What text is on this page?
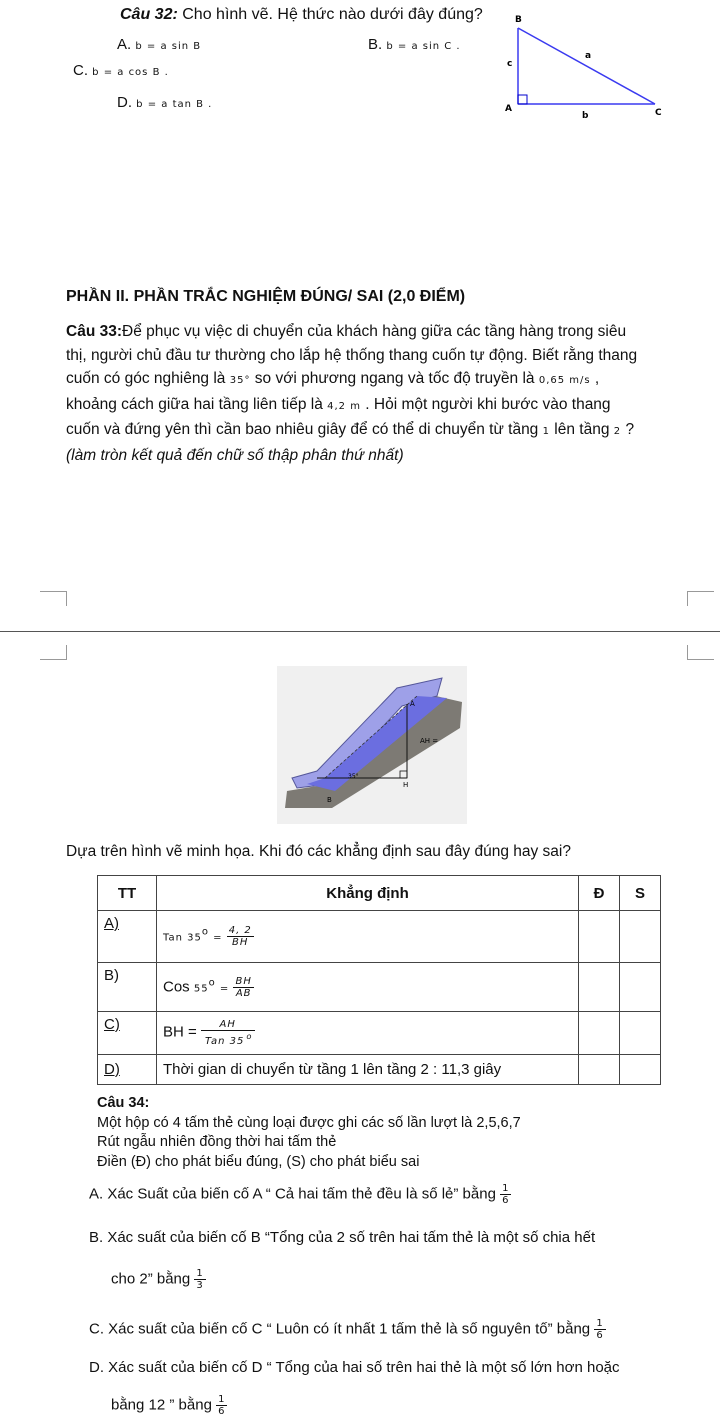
Câu 32: Cho hình vẽ. Hệ thức nào dưới đây đúng?
A. b = a sin B	B. b = a sin C .
C. b = a cos B .
D. b = a tan B .
B
A	C
a
b
c
PHẦN II. PHẦN TRẮC NGHIỆM ĐÚNG/ SAI (2,0 ĐIỂM)
Câu 33:Để phục vụ việc di chuyển của khách hàng giữa các tầng hàng trong siêu
thị, người chủ đầu tư thường cho lắp hệ thống thang cuốn tự động. Biết rằng thang
cuốn có góc nghiêng là 35° so với phương ngang và tốc độ truyền là 0,65 m/s ,
khoảng cách giữa hai tầng liên tiếp là 4,2 m . Hỏi một người khi bước vào thang
cuốn và đứng yên thì cần bao nhiêu giây để có thể di chuyển từ tầng 1 lên tầng 2 ?
(làm tròn kết quả đến chữ số thập phân thứ nhất)
A
AH =
35°
H
B
Dựa trên hình vẽ minh họa. Khi đó các khẳng định sau đây đúng hay sai?
TT	Khẳng định	Đ	S
A)	Tan $35^o = \frac{4, 2}{BH}$

B)	Cos $55^o = \frac{BH}{AB}$

C)	BH = $\frac{AH}{Tan 35 ^o}$

D)	Thời gian di chuyển từ tầng 1 lên tầng 2 : 11,3 giây		
Câu 34:
Một hộp có 4 tấm thẻ cùng loại được ghi các số lần lượt là 2,5,6,7
Rút ngẫu nhiên đồng thời hai tấm thẻ
Điền (Đ) cho phát biểu đúng, (S) cho phát biểu sai
A. Xác Suất của biến cố A “ Cả hai tấm thẻ đều là số lẻ” bằng $\frac{1}{6}$
B. Xác suất của biến cố B “Tổng của 2 số trên hai tấm thẻ là một số chia hết
cho 2” bằng $\frac{1}{3}$
C. Xác suất của biến cố C “ Luôn có ít nhất 1 tấm thẻ là số nguyên tố” bằng $\frac{1}{6}$
D. Xác suất của biến cố D “ Tổng của hai số trên hai thẻ là một số lớn hơn hoặc
bằng 12 ” bằng $\frac{1}{6}$
